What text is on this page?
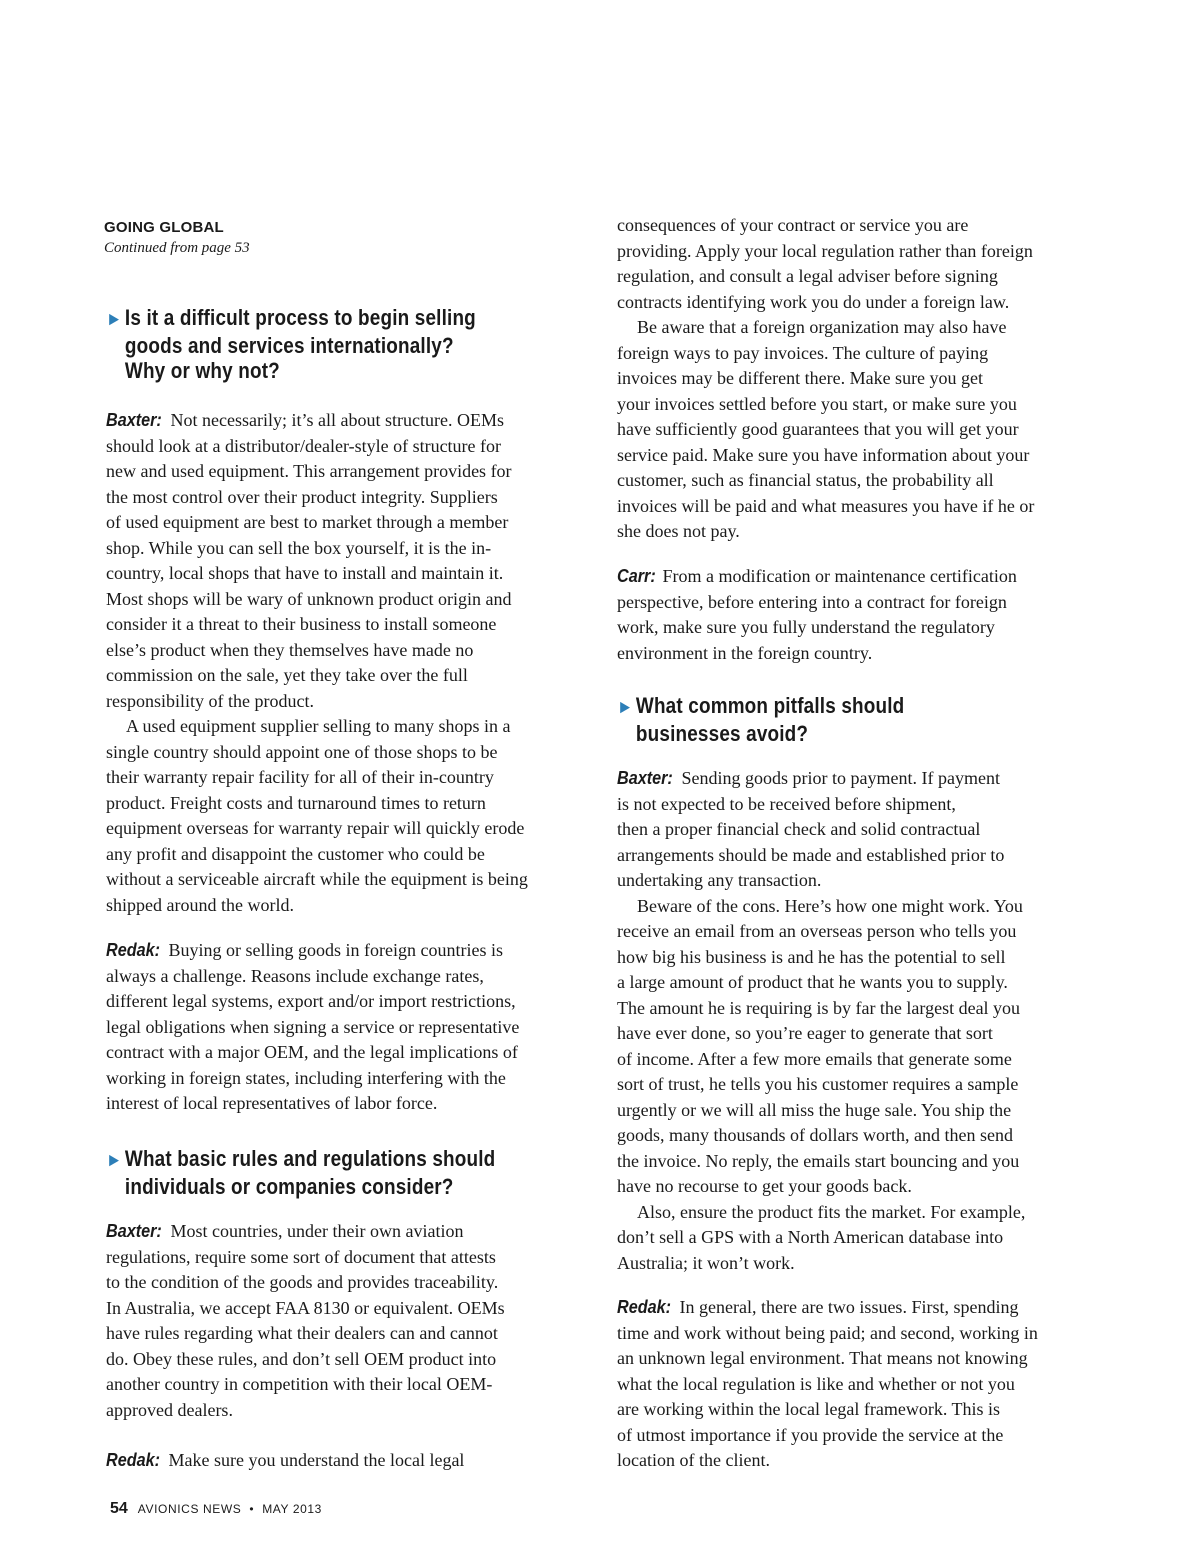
GOING GLOBAL

Continued from page 53

► Is it a difficult process to begin selling
goods and services internationally?
Why or why not?
Baxter: Not necessarily; it’s all about structure. OEMs
should look at a distributor/dealer-style of structure for
new and used equipment. This arrangement provides for
the most control over their product integrity. Suppliers
of used equipment are best to market through a member
shop. While you can sell the box yourself, it is the in-
country, local shops that have to install and maintain it.
Most shops will be wary of unknown product origin and
consider it a threat to their business to install someone
else’s product when they themselves have made no
commission on the sale, yet they take over the full
responsibility of the product.
A used equipment supplier selling to many shops in a
single country should appoint one of those shops to be
their warranty repair facility for all of their in-country
product. Freight costs and turnaround times to return
equipment overseas for warranty repair will quickly erode
any profit and disappoint the customer who could be
without a serviceable aircraft while the equipment is being
shipped around the world.
Redak: Buying or selling goods in foreign countries is
always a challenge. Reasons include exchange rates,
different legal systems, export and/or import restrictions,
legal obligations when signing a service or representative
contract with a major OEM, and the legal implications of
working in foreign states, including interfering with the
interest of local representatives of labor force.
► What basic rules and regulations should
individuals or companies consider?
Baxter: Most countries, under their own aviation
regulations, require some sort of document that attests
to the condition of the goods and provides traceability.
In Australia, we accept FAA 8130 or equivalent. OEMs
have rules regarding what their dealers can and cannot
do. Obey these rules, and don’t sell OEM product into
another country in competition with their local OEM-
approved dealers.
Redak: Make sure you understand the local legal
consequences of your contract or service you are
providing. Apply your local regulation rather than foreign
regulation, and consult a legal adviser before signing
contracts identifying work you do under a foreign law.
Be aware that a foreign organization may also have
foreign ways to pay invoices. The culture of paying
invoices may be different there. Make sure you get
your invoices settled before you start, or make sure you
have sufficiently good guarantees that you will get your
service paid. Make sure you have information about your
customer, such as financial status, the probability all
invoices will be paid and what measures you have if he or
she does not pay.
Carr: From a modification or maintenance certification
perspective, before entering into a contract for foreign
work, make sure you fully understand the regulatory
environment in the foreign country.
► What common pitfalls should
businesses avoid?
Baxter: Sending goods prior to payment. If payment
is not expected to be received before shipment,
then a proper financial check and solid contractual
arrangements should be made and established prior to
undertaking any transaction.
Beware of the cons. Here’s how one might work. You
receive an email from an overseas person who tells you
how big his business is and he has the potential to sell
a large amount of product that he wants you to supply.
The amount he is requiring is by far the largest deal you
have ever done, so you’re eager to generate that sort
of income. After a few more emails that generate some
sort of trust, he tells you his customer requires a sample
urgently or we will all miss the huge sale. You ship the
goods, many thousands of dollars worth, and then send
the invoice. No reply, the emails start bouncing and you
have no recourse to get your goods back.
Also, ensure the product fits the market. For example,
don’t sell a GPS with a North American database into
Australia; it won’t work.
Redak: In general, there are two issues. First, spending
time and work without being paid; and second, working in
an unknown legal environment. That means not knowing
what the local regulation is like and whether or not you
are working within the local legal framework. This is
of utmost importance if you provide the service at the
location of the client.
54 AVIONICS NEWS • MAY 2013
